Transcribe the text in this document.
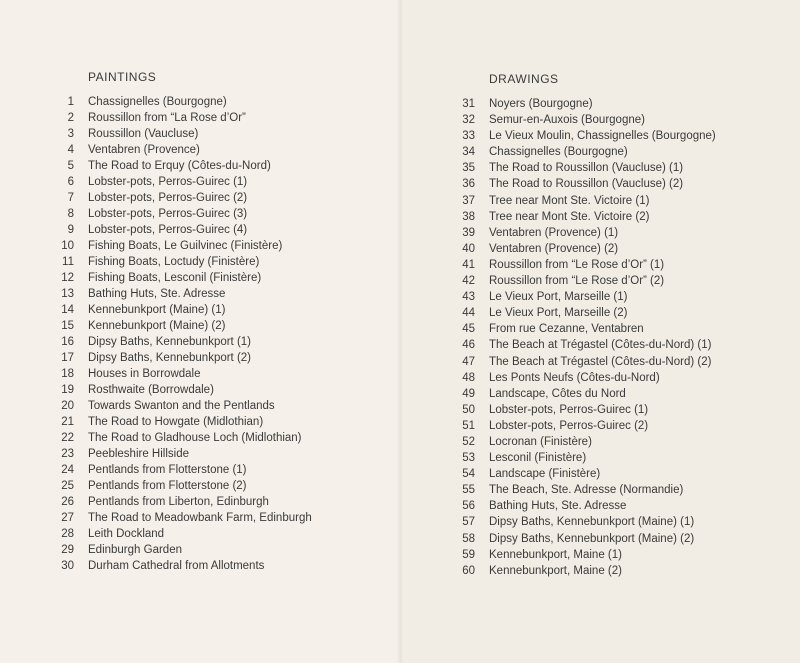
PAINTINGS
1 Chassignelles (Bourgogne)
2 Roussillon from “La Rose d’Or”
3 Roussillon (Vaucluse)
4 Ventabren (Provence)
5 The Road to Erquy (Côtes-du-Nord)
6 Lobster-pots, Perros-Guirec (1)
7 Lobster-pots, Perros-Guirec (2)
8 Lobster-pots, Perros-Guirec (3)
9 Lobster-pots, Perros-Guirec (4)
10 Fishing Boats, Le Guilvinec (Finistère)
11 Fishing Boats, Loctudy (Finistère)
12 Fishing Boats, Lesconil (Finistère)
13 Bathing Huts, Ste. Adresse
14 Kennebunkport (Maine) (1)
15 Kennebunkport (Maine) (2)
16 Dipsy Baths, Kennebunkport (1)
17 Dipsy Baths, Kennebunkport (2)
18 Houses in Borrowdale
19 Rosthwaite (Borrowdale)
20 Towards Swanton and the Pentlands
21 The Road to Howgate (Midlothian)
22 The Road to Gladhouse Loch (Midlothian)
23 Peebleshire Hillside
24 Pentlands from Flotterstone (1)
25 Pentlands from Flotterstone (2)
26 Pentlands from Liberton, Edinburgh
27 The Road to Meadowbank Farm, Edinburgh
28 Leith Dockland
29 Edinburgh Garden
30 Durham Cathedral from Allotments
DRAWINGS
31 Noyers (Bourgogne)
32 Semur-en-Auxois (Bourgogne)
33 Le Vieux Moulin, Chassignelles (Bourgogne)
34 Chassignelles (Bourgogne)
35 The Road to Roussillon (Vaucluse) (1)
36 The Road to Roussillon (Vaucluse) (2)
37 Tree near Mont Ste. Victoire (1)
38 Tree near Mont Ste. Victoire (2)
39 Ventabren (Provence) (1)
40 Ventabren (Provence) (2)
41 Roussillon from “Le Rose d’Or” (1)
42 Roussillon from “Le Rose d’Or” (2)
43 Le Vieux Port, Marseille (1)
44 Le Vieux Port, Marseille (2)
45 From rue Cezanne, Ventabren
46 The Beach at Trégastel (Côtes-du-Nord) (1)
47 The Beach at Trégastel (Côtes-du-Nord) (2)
48 Les Ponts Neufs (Côtes-du-Nord)
49 Landscape, Côtes du Nord
50 Lobster-pots, Perros-Guirec (1)
51 Lobster-pots, Perros-Guirec (2)
52 Locronan (Finistère)
53 Lesconil (Finistère)
54 Landscape (Finistère)
55 The Beach, Ste. Adresse (Normandie)
56 Bathing Huts, Ste. Adresse
57 Dipsy Baths, Kennebunkport (Maine) (1)
58 Dipsy Baths, Kennebunkport (Maine) (2)
59 Kennebunkport, Maine (1)
60 Kennebunkport, Maine (2)
